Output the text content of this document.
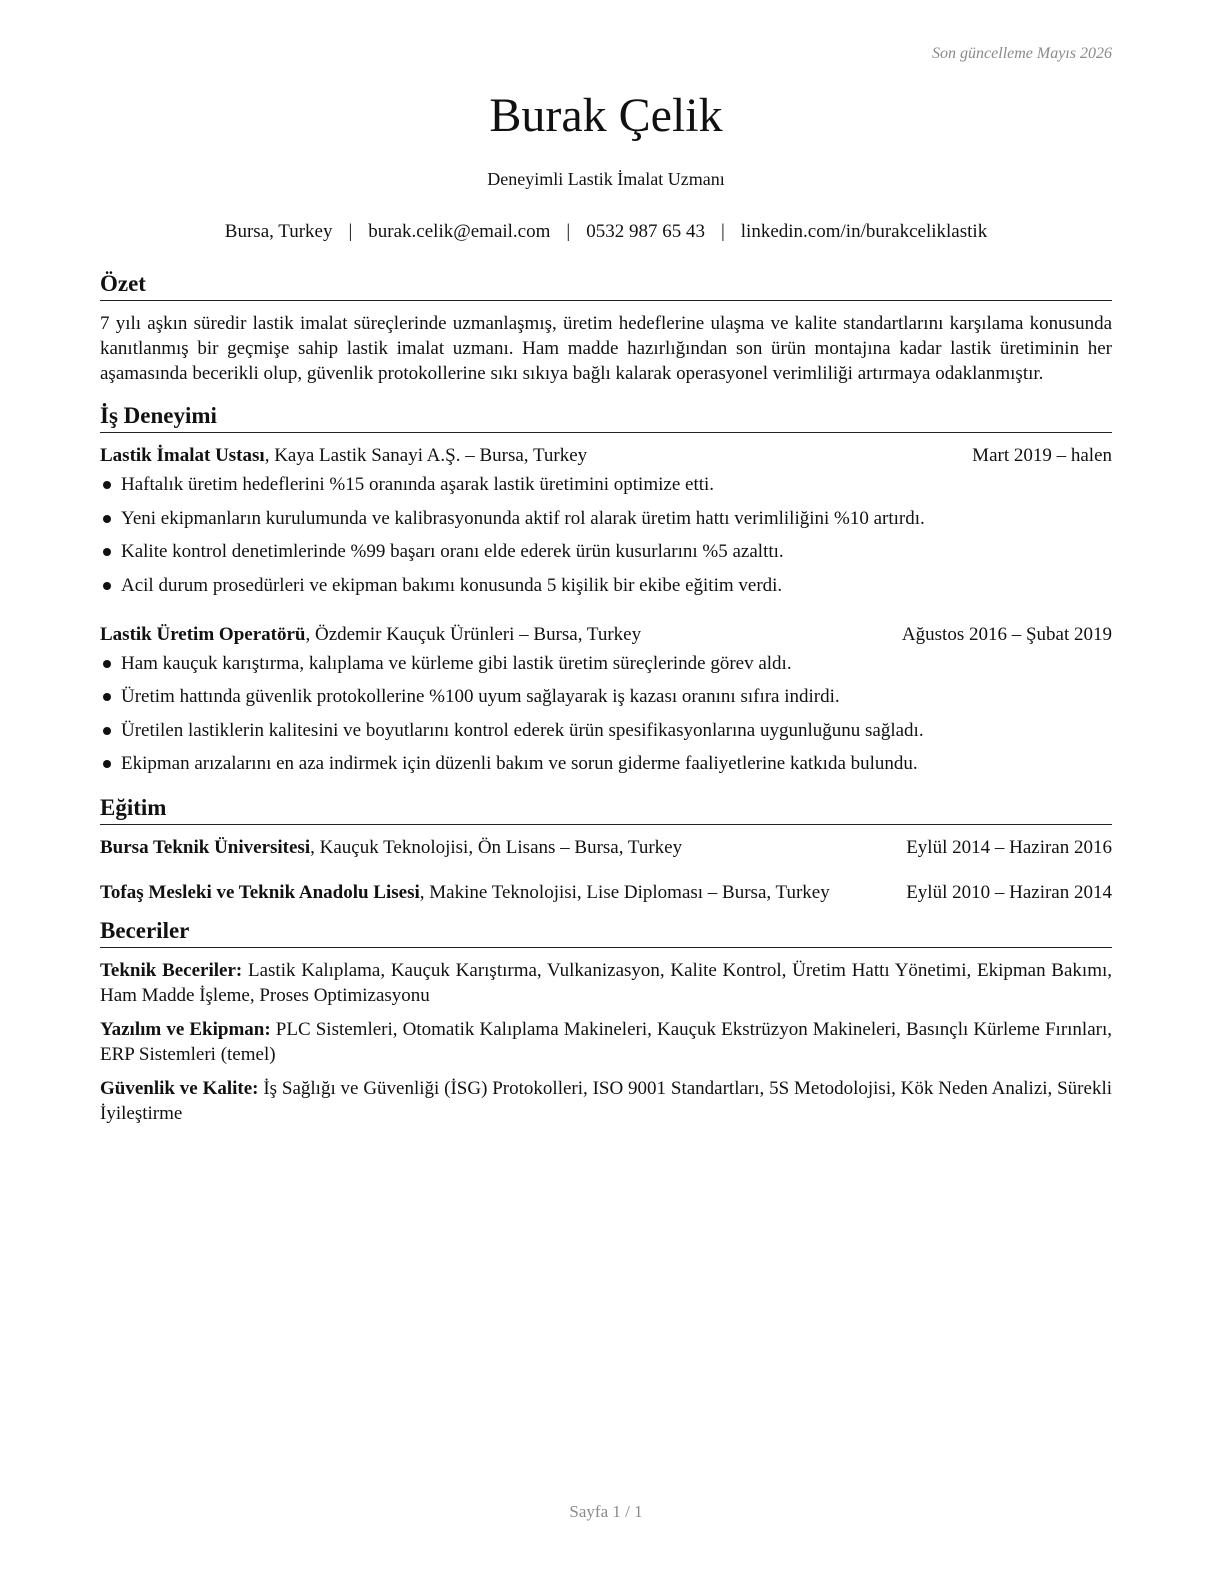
Son güncelleme Mayıs 2026
Burak Çelik
Deneyimli Lastik İmalat Uzmanı
Bursa, Turkey | burak.celik@email.com | 0532 987 65 43 | linkedin.com/in/burakceliklastik
Özet
7 yılı aşkın süredir lastik imalat süreçlerinde uzmanlaşmış, üretim hedeflerine ulaşma ve kalite standartlarını karşılama konusunda kanıtlanmış bir geçmişe sahip lastik imalat uzmanı. Ham madde hazırlığından son ürün montajına kadar lastik üretiminin her aşamasında becerikli olup, güvenlik protokollerine sıkı sıkıya bağlı kalarak operasyonel verimliliği artırmaya odaklanmıştır.
İş Deneyimi
Lastik İmalat Ustası, Kaya Lastik Sanayi A.Ş. – Bursa, Turkey	Mart 2019 – halen
Haftalık üretim hedeflerini %15 oranında aşarak lastik üretimini optimize etti.
Yeni ekipmanların kurulumunda ve kalibrasyonunda aktif rol alarak üretim hattı verimliliğini %10 artırdı.
Kalite kontrol denetimlerinde %99 başarı oranı elde ederek ürün kusurlarını %5 azalttı.
Acil durum prosedürleri ve ekipman bakımı konusunda 5 kişilik bir ekibe eğitim verdi.
Lastik Üretim Operatörü, Özdemir Kauçuk Ürünleri – Bursa, Turkey	Ağustos 2016 – Şubat 2019
Ham kauçuk karıştırma, kalıplama ve kürleme gibi lastik üretim süreçlerinde görev aldı.
Üretim hattında güvenlik protokollerine %100 uyum sağlayarak iş kazası oranını sıfıra indirdi.
Üretilen lastiklerin kalitesini ve boyutlarını kontrol ederek ürün spesifikasyonlarına uygunluğunu sağladı.
Ekipman arızalarını en aza indirmek için düzenli bakım ve sorun giderme faaliyetlerine katkıda bulundu.
Eğitim
Bursa Teknik Üniversitesi, Kauçuk Teknolojisi, Ön Lisans – Bursa, Turkey	Eylül 2014 – Haziran 2016
Tofaş Mesleki ve Teknik Anadolu Lisesi, Makine Teknolojisi, Lise Diploması – Bursa, Turkey	Eylül 2010 – Haziran 2014
Beceriler
Teknik Beceriler: Lastik Kalıplama, Kauçuk Karıştırma, Vulkanizasyon, Kalite Kontrol, Üretim Hattı Yönetimi, Ekipman Bakımı, Ham Madde İşleme, Proses Optimizasyonu
Yazılım ve Ekipman: PLC Sistemleri, Otomatik Kalıplama Makineleri, Kauçuk Ekstrüzyon Makineleri, Basınçlı Kürleme Fırınları, ERP Sistemleri (temel)
Güvenlik ve Kalite: İş Sağlığı ve Güvenliği (İSG) Protokolleri, ISO 9001 Standartları, 5S Metodolojisi, Kök Neden Analizi, Sürekli İyileştirme
Sayfa 1 / 1
